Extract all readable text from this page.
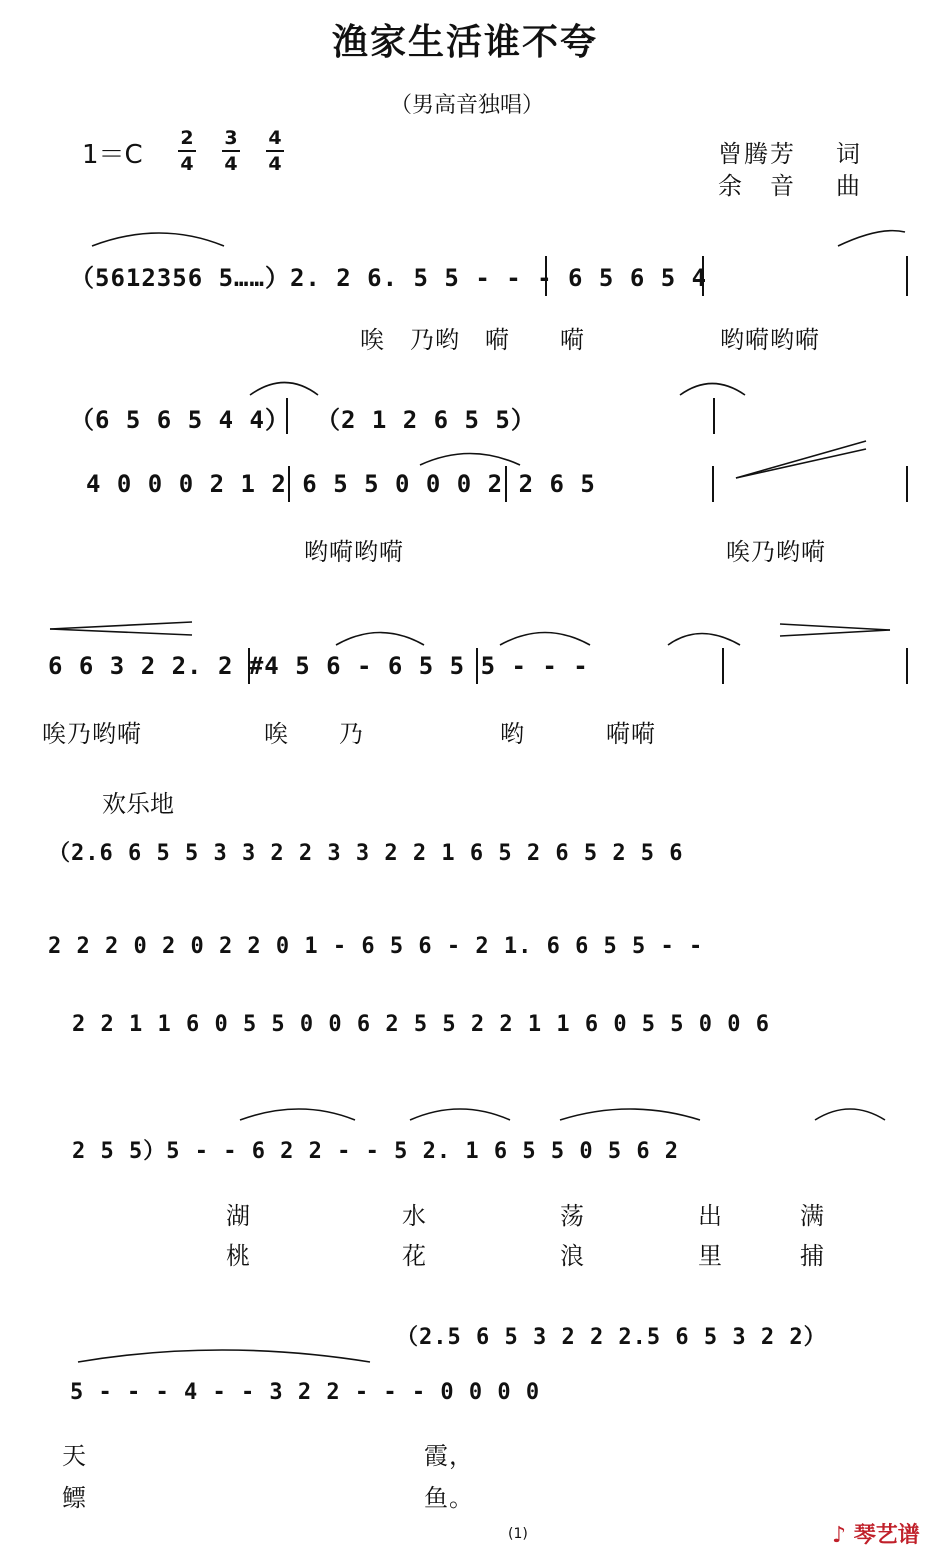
渔家生活谁不夸
（男高音独唱）
1＝C
2
4
3
4
4
4	曾腾芳 词
余　音 曲
（5612356 5……）2. 2 6. 5 5 - - - 6 5 6 5 4
唉　乃哟　嗬　　嗬	哟嗬哟嗬
（6 5 6 5 4 4）　　（2 1 2 6 5 5）
4 0 0 0 2 1 2 6 5 5 0 0 0 2 2 6 5
哟嗬哟嗬	唉乃哟嗬
6 6 3 2 2. 2 #4 5 6 - 6 5 5 5 - - -
唉乃哟嗬	唉　　乃	哟	嗬嗬
欢乐地
（2.6 6 5 5 3 3 2 2 3 3 2 2 1 6 5 2 6 5 2 5 6
2 2 2 0 2 0 2 2 0 1 - 6 5 6 - 2 1. 6 6 5 5 - -
2 2 1 1 6 0 5 5 0 0 6 2 5 5 2 2 1 1 6 0 5 5 0 0 6
2 5 5）5 - - 6 2 2 - - 5 2. 1 6 5 5 0 5 6 2
湖	水	荡	出	满
桃	花	浪	里	捕
（2.5 6 5 3 2 2 2.5 6 5 3 2 2）
5 - - - 4 - - 3 2 2 - - - 0 0 0 0
天	霞，
鳔	鱼。
(1)	♪ 琴艺谱
